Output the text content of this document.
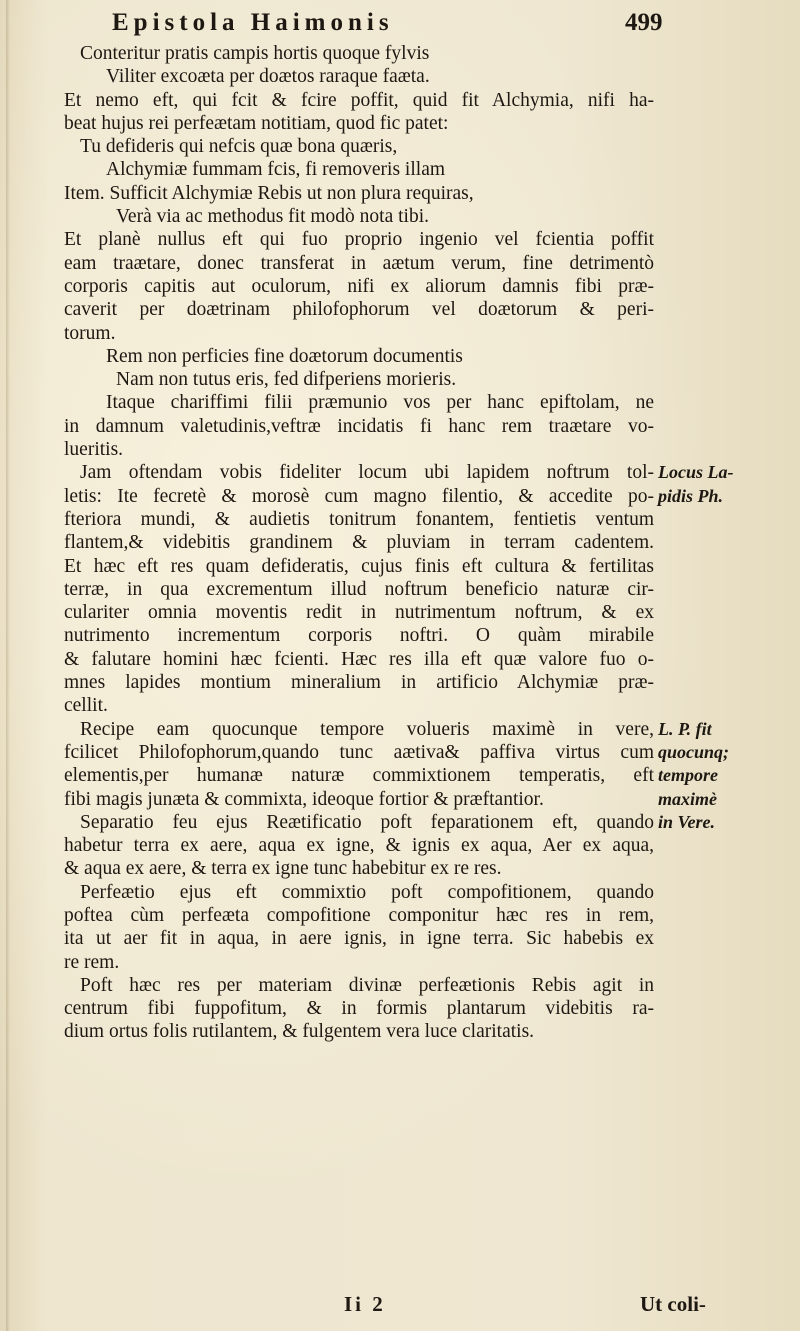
Epistola Haimonis	499
Conteritur pratis campis hortis quoque fylvis
Viliter excoӕta per doӕtos raraque faӕta.
Et nemo eft, qui fcit & fcire poffit, quid fit Alchymia, nifi ha-
beat hujus rei perfeӕtam notitiam, quod fic patet:
Tu defideris qui nefcis quæ bona quæris,
Alchymiæ fummam fcis, fi removeris illam
Item. Sufficit Alchymiæ Rebis ut non plura requiras,
Verà via ac methodus fit modò nota tibi.
Et planè nullus eft qui fuo proprio ingenio vel fcientia poffit
eam traӕtare, donec transferat in aӕtum verum, fine detrimentò
corporis capitis aut oculorum, nifi ex aliorum damnis fibi præ-
caverit per doӕtrinam philofophorum vel doӕtorum & peri-
torum.
Rem non perficies fine doӕtorum documentis
Nam non tutus eris, fed difperiens morieris.
Itaque chariffimi filii præmunio vos per hanc epiftolam, ne
in damnum valetudinis,veftræ incidatis fi hanc rem traӕtare vo-
lueritis.
Jam oftendam vobis fideliter locum ubi lapidem noftrum tol-
letis: Ite fecretè & morosè cum magno filentio, & accedite po-
fteriora mundi, & audietis tonitrum fonantem, fentietis ventum
flantem,& videbitis grandinem & pluviam in terram cadentem.
Et hæc eft res quam defideratis, cujus finis eft cultura & fertilitas
terræ, in qua excrementum illud noftrum beneficio naturæ cir-
culariter omnia moventis redit in nutrimentum noftrum, & ex
nutrimento incrementum corporis noftri. O quàm mirabile
& falutare homini hæc fcienti. Hæc res illa eft quæ valore fuo o-
mnes lapides montium mineralium in artificio Alchymiæ præ-
cellit.
Recipe eam quocunque tempore volueris maximè in vere,
fcilicet Philofophorum,quando tunc aӕtiva& paffiva virtus cum
elementis,per humanæ naturæ commixtionem temperatis, eft
fibi magis junӕta & commixta, ideoque fortior & præftantior.
Separatio feu ejus Reӕtificatio poft feparationem eft, quando
habetur terra ex aere, aqua ex igne, & ignis ex aqua, Aer ex aqua,
& aqua ex aere, & terra ex igne tunc habebitur ex re res.
Perfeӕtio ejus eft commixtio poft compofitionem, quando
poftea cùm perfeӕta compofitione componitur hæc res in rem,
ita ut aer fit in aqua, in aere ignis, in igne terra. Sic habebis ex
re rem.
Poft hæc res per materiam divinæ perfeӕtionis Rebis agit in
centrum fibi fuppofitum, & in formis plantarum videbitis ra-
dium ortus folis rutilantem, & fulgentem vera luce claritatis.
Locus La-
pidis Ph.
L. P. fit
quocunq;
tempore
maximè
in Vere.
Ii 2	Ut coli-
